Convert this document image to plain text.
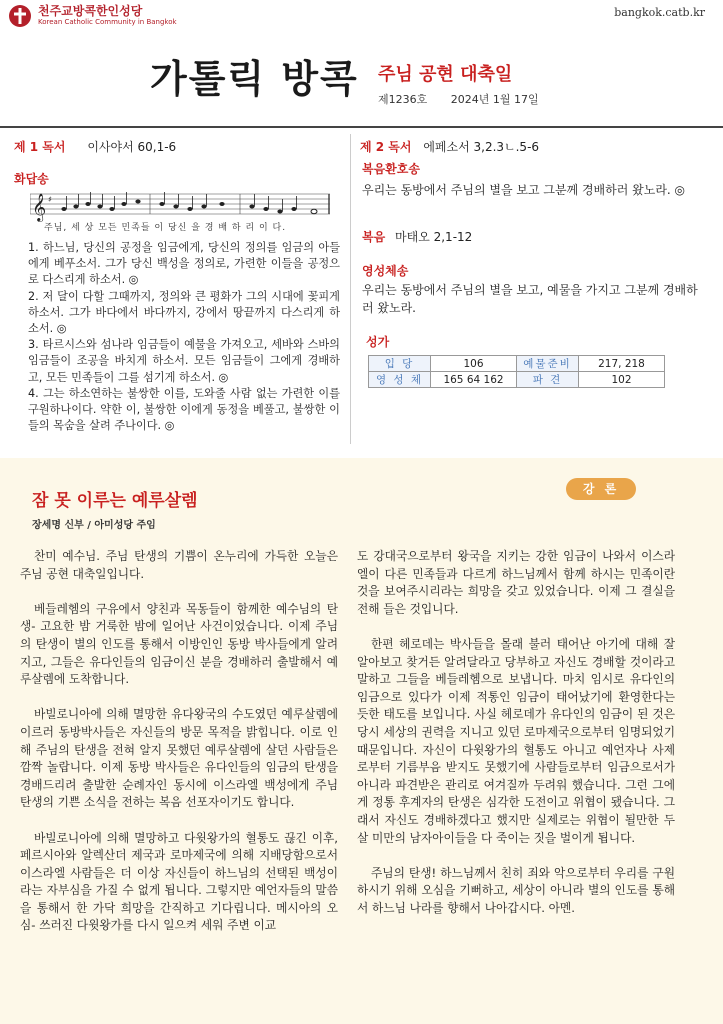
천주교방콕한인성당
Korean Catholic Community in Bangkok
bangkok.catb.kr
가톨릭 방콕 주님 공현 대축일
제1236호 2024년 1월 17일
제 1 독서 이사야서 60,1-6
화답송
𝄞 ♯
주님, 세 상 모든 민족들 이 당신 을 경 배 하 리 이 다.

1. 하느님, 당신의 공정을 임금에게, 당신의 정의를 임금의 아들에게 베푸소서. 그가 당신 백성을 정의로, 가련한 이들을 공정으로 다스리게 하소서. ◎

2. 저 달이 다할 그때까지, 정의와 큰 평화가 그의 시대에 꽃피게 하소서. 그가 바다에서 바다까지, 강에서 땅끝까지 다스리게 하소서. ◎

3. 타르시스와 섬나라 임금들이 예물을 가져오고, 세바와 스바의 임금들이 조공을 바치게 하소서. 모든 임금들이 그에게 경배하고, 모든 민족들이 그를 섬기게 하소서. ◎

4. 그는 하소연하는 불쌍한 이를, 도와줄 사람 없는 가련한 이를 구원하나이다. 약한 이, 불쌍한 이에게 동정을 베풀고, 불쌍한 이들의 목숨을 살려 주나이다. ◎

제 2 독서 에페소서 3,2.3ㄴ.5-6
복음환호송
우리는 동방에서 주님의 별을 보고 그분께 경배하러 왔노라. ◎
복음 마태오 2,1-12
영성체송
우리는 동방에서 주님의 별을 보고, 예물을 가지고 그분께 경배하러 왔노라.
성가
입 당	106	예물준비	217, 218
영 성 체	165 64 162	파 견	102
강 론
잠 못 이루는 예루살렘
장세명 신부 / 아미성당 주임

찬미 예수님. 주님 탄생의 기쁨이 온누리에 가득한 오늘은 주님 공현 대축일입니다.

베들레헴의 구유에서 양친과 목동들이 함께한 예수님의 탄생- 고요한 밤 거룩한 밤에 일어난 사건이었습니다. 이제 주님의 탄생이 별의 인도를 통해서 이방인인 동방 박사들에게 알려지고, 그들은 유다인들의 임금이신 분을 경배하러 출발해서 예루살렘에 도착합니다.

바빌로니아에 의해 멸망한 유다왕국의 수도였던 예루살렘에 이르러 동방박사들은 자신들의 방문 목적을 밝힙니다. 이로 인해 주님의 탄생을 전혀 알지 못했던 예루살렘에 살던 사람들은 깜짝 놀랍니다. 이제 동방 박사들은 유다인들의 임금의 탄생을 경배드리려 출발한 순례자인 동시에 이스라엘 백성에게 주님 탄생의 기쁜 소식을 전하는 복음 선포자이기도 합니다.

바빌로니아에 의해 멸망하고 다윗왕가의 혈통도 끊긴 이후, 페르시아와 알렉산더 제국과 로마제국에 의해 지배당함으로서 이스라엘 사람들은 더 이상 자신들이 하느님의 선택된 백성이라는 자부심을 가질 수 없게 됩니다. 그렇지만 예언자들의 말씀을 통해서 한 가닥 희망을 간직하고 기다립니다. 메시아의 오심- 쓰러진 다윗왕가를 다시 일으켜 세워 주변 이교

도 강대국으로부터 왕국을 지키는 강한 임금이 나와서 이스라엘이 다른 민족들과 다르게 하느님께서 함께 하시는 민족이란 것을 보여주시리라는 희망을 갖고 있었습니다. 이제 그 결실을 전해 들은 것입니다.

한편 헤로데는 박사들을 몰래 불러 태어난 아기에 대해 잘 알아보고 찾거든 알려달라고 당부하고 자신도 경배할 것이라고 말하고 그들을 베들레헴으로 보냅니다. 마치 임시로 유다인의 임금으로 있다가 이제 적통인 임금이 태어났기에 환영한다는 듯한 태도를 보입니다. 사실 헤로데가 유다인의 임금이 된 것은 당시 세상의 권력을 지니고 있던 로마제국으로부터 임명되었기 때문입니다. 자신이 다윗왕가의 혈통도 아니고 예언자나 사제로부터 기름부음 받지도 못했기에 사람들로부터 임금으로서가 아니라 파견받은 관리로 여겨질까 두려워 했습니다. 그런 그에게 정통 후계자의 탄생은 심각한 도전이고 위협이 됐습니다. 그래서 자신도 경배하겠다고 했지만 실제로는 위협이 될만한 두 살 미만의 남자아이들을 다 죽이는 짓을 벌이게 됩니다.

주님의 탄생! 하느님께서 친히 죄와 악으로부터 우리를 구원하시기 위해 오심을 기뻐하고, 세상이 아니라 별의 인도를 통해서 하느님 나라를 향해서 나아갑시다. 아멘.
